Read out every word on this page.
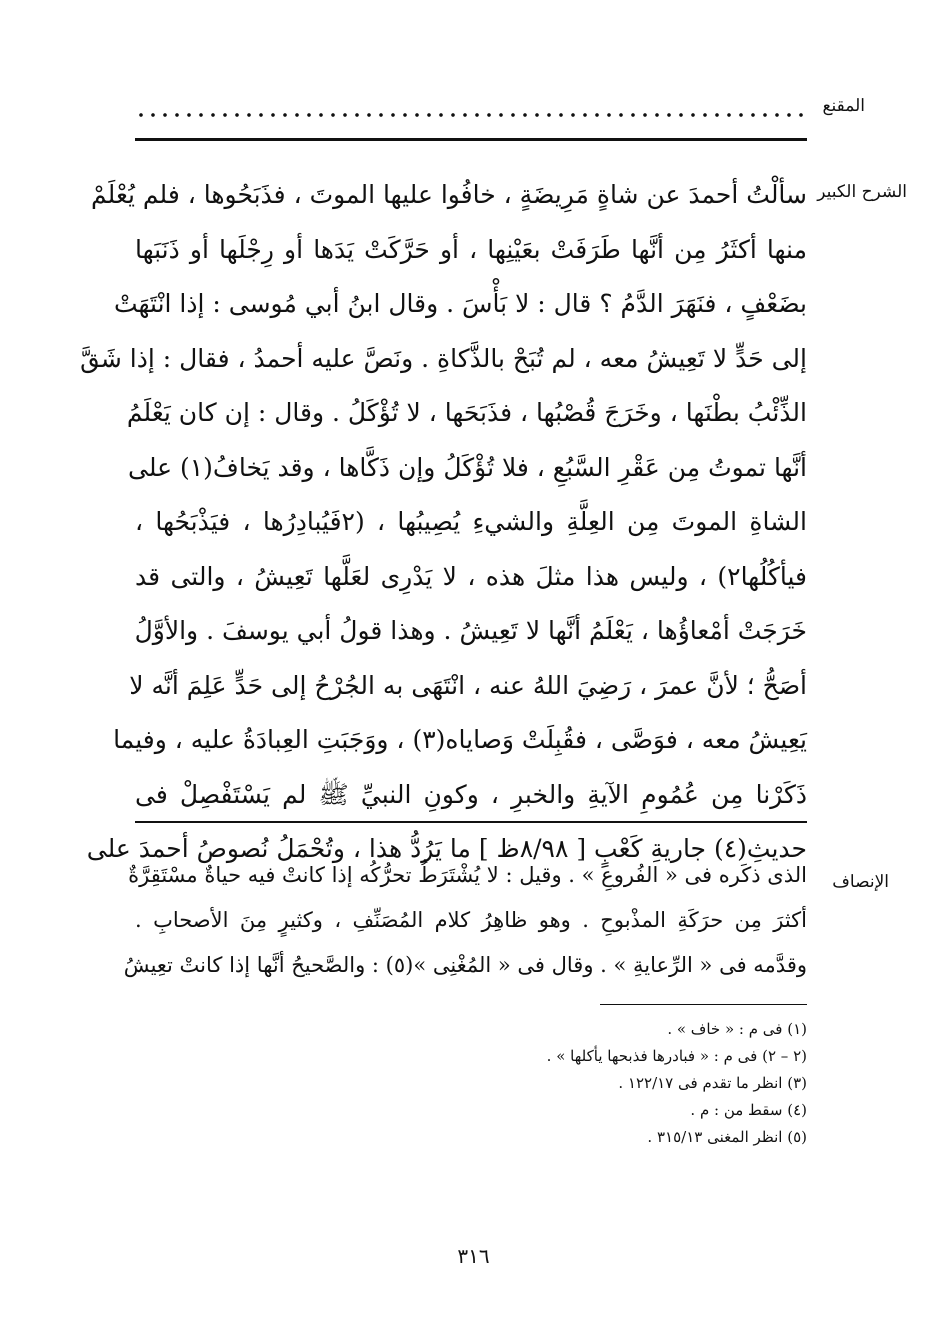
المقنع
الشرح الكبير
الإنصاف
سألْتُ أحمدَ عن شاةٍ مَرِيضَةٍ ، خافُوا عليها الموتَ ، فذَبَحُوها ، فلم يُعْلَمْ
منها أكثَرُ مِن أنَّها طَرَفَتْ بعَيْنِها ، أو حَرَّكَتْ يَدَها أو رِجْلَها أو ذَنَبَها
بضَعْفٍ ، فنَهَرَ الدَّمُ ؟ قال : لا بَأْسَ . وقال ابنُ أبي مُوسى : إذا انْتَهَتْ
إلى حَدٍّ لا تَعِيشُ معه ، لم تُبَحْ بالذَّكاةِ . ونَصَّ عليه أحمدُ ، فقال : إذا شَقَّ
الذِّئْبُ بطْنَها ، وخَرَجَ قُصْبُها ، فذَبَحَها ، لا تُؤْكَلُ . وقال : إن كان يَعْلَمُ
أنَّها تموتُ مِن عَقْرِ السَّبُعِ ، فلا تُؤْكَلُ وإن ذَكَّاها ، وقد يَخافُ(١) على
الشاةِ الموتَ مِن العِلَّةِ والشيءِ يُصِيبُها ، (٢فَيُبادِرُها ، فيَذْبَحُها ،
فيأكُلُها٢) ، وليس هذا مثلَ هذه ، لا يَدْرِى لعَلَّها تَعِيشُ ، والتى قد
خَرَجَتْ أمْعاؤُها ، يَعْلَمُ أنَّها لا تَعِيشُ . وهذا قولُ أبي يوسفَ . والأوَّلُ
أصَحُّ ؛ لأنَّ عمرَ ، رَضِيَ اللهُ عنه ، انْتَهَى به الجُرْحُ إلى حَدٍّ عَلِمَ أنَّه لا
يَعِيشُ معه ، فوَصَّى ، فقُبِلَتْ وَصاياه(٣) ، ووَجَبَتِ العِبادَةُ عليه ، وفيما
ذَكَرْنا مِن عُمُومِ الآيةِ والخبرِ ، وكونِ النبيِّ ﷺ لم يَسْتَفْصِلْ فى
حديثِ(٤) جاريةِ كَعْبٍ [ ٨/٩٨ظ ] ما يَرُدُّ هذا ، وتُحْمَلُ نُصوصُ أحمدَ على
الذى ذكَره فى « الفُروعِ » . وقيل : لا يُشْتَرَطُ تحرُّكُه إذا كانتْ فيه حياةٌ مسْتَقِرَّةٌ
أكثرَ مِن حرَكَةِ المذْبوحِ . وهو ظاهِرُ كلام المُصَنِّفِ ، وكثيرٍ مِنَ الأصحابِ .
وقدَّمه فى « الرِّعايةِ » . وقال فى « المُغْنِى »(٥) : والصَّحيحُ أنَّها إذا كانتْ تعِيشُ
(١) فى م : « خاف » .
(٢ – ٢) فى م : « فبادرها فذبحها يأكلها » .
(٣) انظر ما تقدم فى ١٢٢/١٧ .
(٤) سقط من : م .
(٥) انظر المغنى ٣١٥/١٣ .
٣١٦
